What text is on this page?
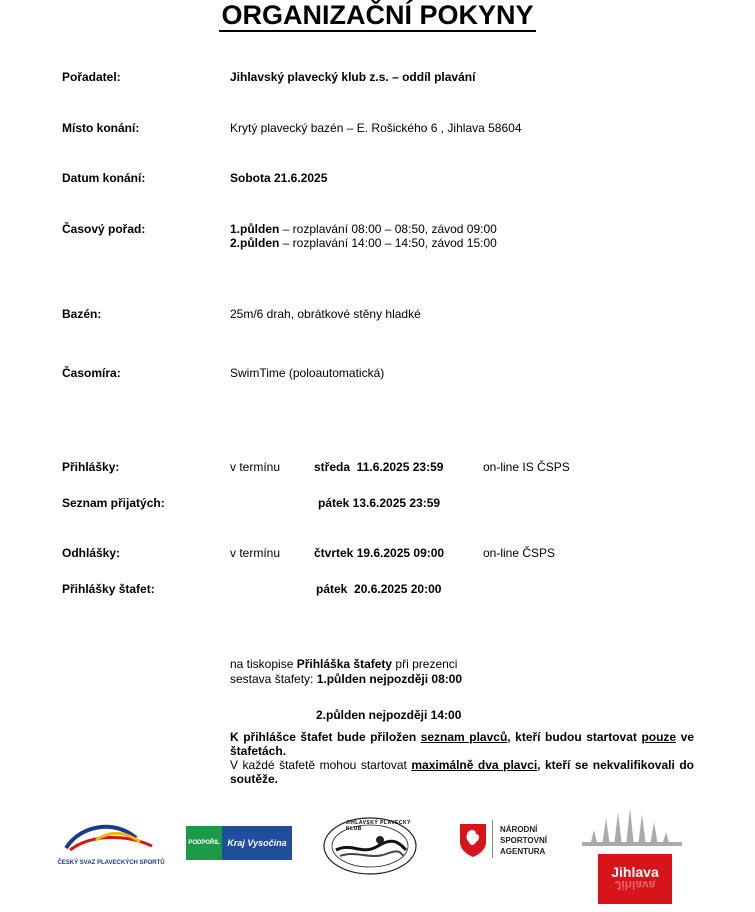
ORGANIZAČNÍ POKYNY
Pořadatel:	Jihlavský plavecký klub z.s. – oddíl plavání
Místo konání:	Krytý plavecký bazén – E. Rošického 6 , Jihlava 58604
Datum konání:	Sobota 21.6.2025
Časový pořad:	1.půlden – rozplavání 08:00 – 08:50, závod 09:00
2.půlden – rozplavání 14:00 – 14:50, závod 15:00
Bazén:	25m/6 drah, obrátkové stěny hladké
Časomíra:	SwimTime (poloautomatická)
Přihlášky:	v termínu	středa  11.6.2025 23:59	on-line IS ČSPS
Seznam přijatých:	pátek 13.6.2025 23:59
Odhlášky:	v termínu	čtvrtek 19.6.2025 09:00	on-line ČSPS
Přihlášky štafet:	pátek  20.6.2025 20:00
na tiskopise Přihláška štafety při prezenci
sestava štafety: 1.půlden nejpozději 08:00
2.půlden nejpozději 14:00
K přihlášce štafet bude přiložen seznam plavců, kteří budou startovat pouze ve štafetách.
V každé štafetě mohou startovat maximálně dva plavci, kteří se nekvalifikovali do soutěže.
ČESKÝ SVAZ PLAVECKÝCH SPORTŮ
PODPOŘIL Kraj Vysočina
JIHLAVSKÝ PLAVECKÝ KLUB	NÁRODNÍ
SPORTOVNÍ
AGENTURA
Jihlava
Jihlava
